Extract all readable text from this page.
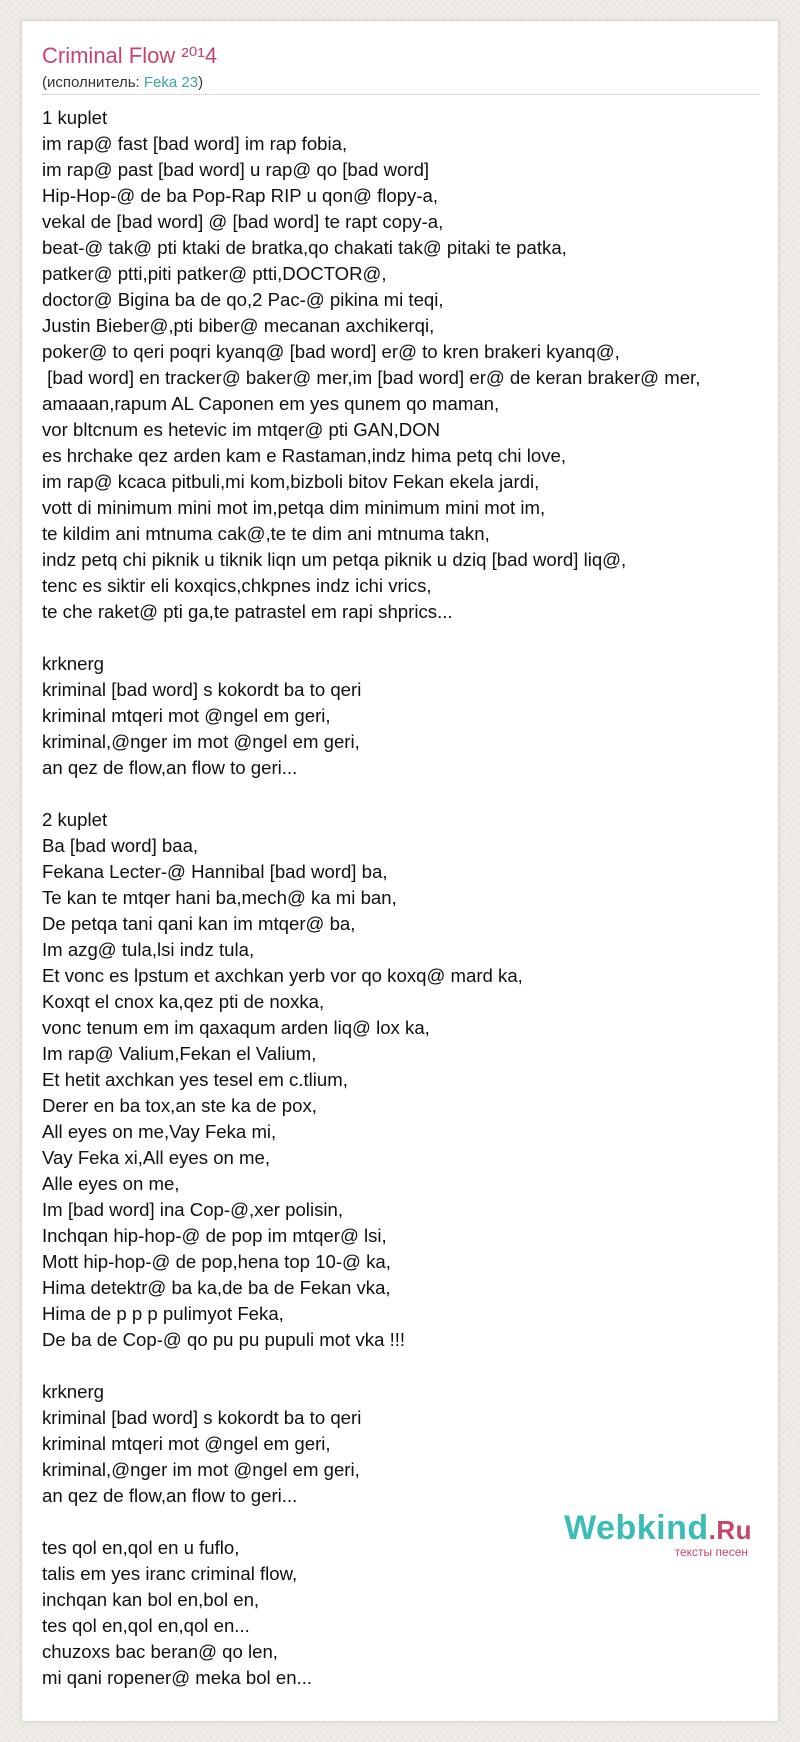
Criminal Flow ²⁰¹4
(исполнитель: Feka 23)
1 kuplet
im rap@ fast [bad word] im rap fobia,
im rap@ past [bad word] u rap@ qo [bad word]
Hip-Hop-@ de ba Pop-Rap RIP u qon@ flopy-a,
vekal de [bad word] @ [bad word] te rapt copy-a,
beat-@ tak@ pti ktaki de bratka,qo chakati tak@ pitaki te patka,
patker@ ptti,piti patker@ ptti,DOCTOR@,
doctor@ Bigina ba de qo,2 Pac-@ pikina mi teqi,
Justin Bieber@,pti biber@ mecanan axchikerqi,
poker@ to qeri poqri kyanq@ [bad word] er@ to kren brakeri kyanq@,
[bad word] en tracker@ baker@ mer,im [bad word] er@ de keran braker@ mer,
amaaan,rapum AL Caponen em yes qunem qo maman,
vor bltcnum es hetevic im mtqer@ pti GAN,DON
es hrchake qez arden kam e Rastaman,indz hima petq chi love,
im rap@ kcaca pitbuli,mi kom,bizboli bitov Fekan ekela jardi,
vott di minimum mini mot im,petqa dim minimum mini mot im,
te kildim ani mtnuma cak@,te te dim ani mtnuma takn,
indz petq chi piknik u tiknik liqn um petqa piknik u dziq [bad word] liq@,
tenc es siktir eli koxqics,chkpnes indz ichi vrics,
te che raket@ pti ga,te patrastel em rapi shprics...
krknerg
kriminal [bad word] s kokordt ba to qeri
kriminal mtqeri mot @ngel em geri,
kriminal,@nger im mot @ngel em geri,
an qez de flow,an flow to geri...
2 kuplet
Ba [bad word] baa,
Fekana Lecter-@ Hannibal [bad word] ba,
Te kan te mtqer hani ba,mech@ ka mi ban,
De petqa tani qani kan im mtqer@ ba,
Im azg@ tula,lsi indz tula,
Et vonc es lpstum et axchkan yerb vor qo koxq@ mard ka,
Koxqt el cnox ka,qez pti de noxka,
vonc tenum em im qaxaqum arden liq@ lox ka,
Im rap@ Valium,Fekan el Valium,
Et hetit axchkan yes tesel em c.tlium,
Derer en ba tox,an ste ka de pox,
All eyes on me,Vay Feka mi,
Vay Feka xi,All eyes on me,
Alle eyes on me,
Im [bad word] ina Cop-@,xer polisin,
Inchqan hip-hop-@ de pop im mtqer@ lsi,
Mott hip-hop-@ de pop,hena top 10-@ ka,
Hima detektr@ ba ka,de ba de Fekan vka,
Hima de p p p pulimyot Feka,
De ba de Cop-@ qo pu pu pupuli mot vka !!!
krknerg
kriminal [bad word] s kokordt ba to qeri
kriminal mtqeri mot @ngel em geri,
kriminal,@nger im mot @ngel em geri,
an qez de flow,an flow to geri...
tes qol en,qol en u fuflo,
talis em yes iranc criminal flow,
inchqan kan bol en,bol en,
tes qol en,qol en,qol en...
chuzoxs bac beran@ qo len,
mi qani ropener@ meka bol en...
Webkind.Ru
тексты песен
